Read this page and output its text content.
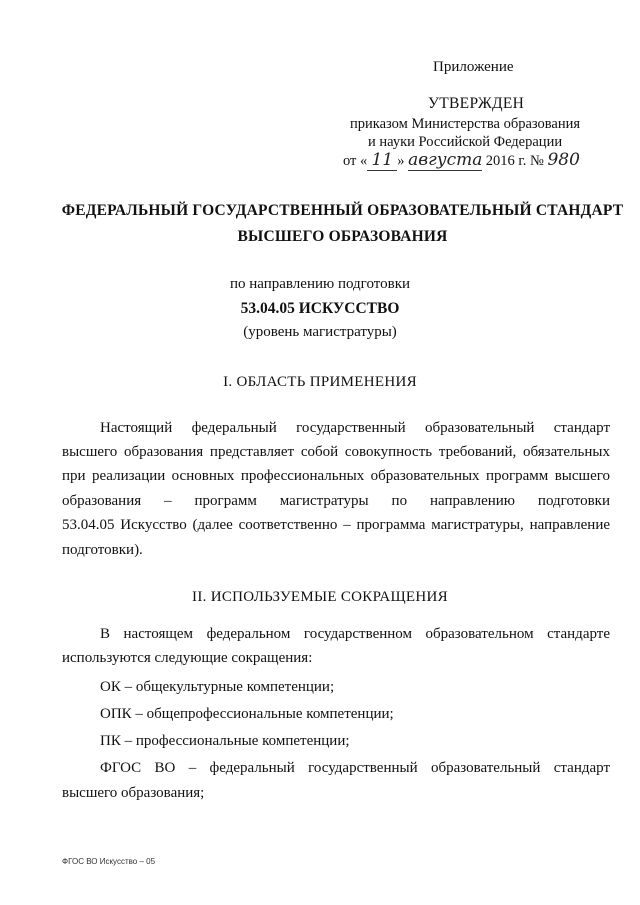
Приложение
УТВЕРЖДЕН
приказом Министерства образования
и науки Российской Федерации
от « 11 » августа 2016 г. № 980
ФЕДЕРАЛЬНЫЙ ГОСУДАРСТВЕННЫЙ ОБРАЗОВАТЕЛЬНЫЙ СТАНДАРТ
ВЫСШЕГО ОБРАЗОВАНИЯ
по направлению подготовки
53.04.05 ИСКУССТВО
(уровень магистратуры)
I. ОБЛАСТЬ ПРИМЕНЕНИЯ
Настоящий федеральный государственный образовательный стандарт
высшего образования представляет собой совокупность требований, обязательных
при реализации основных профессиональных образовательных программ высшего
образования – программ магистратуры по направлению подготовки
53.04.05 Искусство (далее соответственно – программа магистратуры, направление
подготовки).
II. ИСПОЛЬЗУЕМЫЕ СОКРАЩЕНИЯ
В настоящем федеральном государственном образовательном стандарте
используются следующие сокращения:
ОК – общекультурные компетенции;
ОПК – общепрофессиональные компетенции;
ПК – профессиональные компетенции;
ФГОС ВО – федеральный государственный образовательный стандарт
высшего образования;
ФГОС ВО Искусство – 05
